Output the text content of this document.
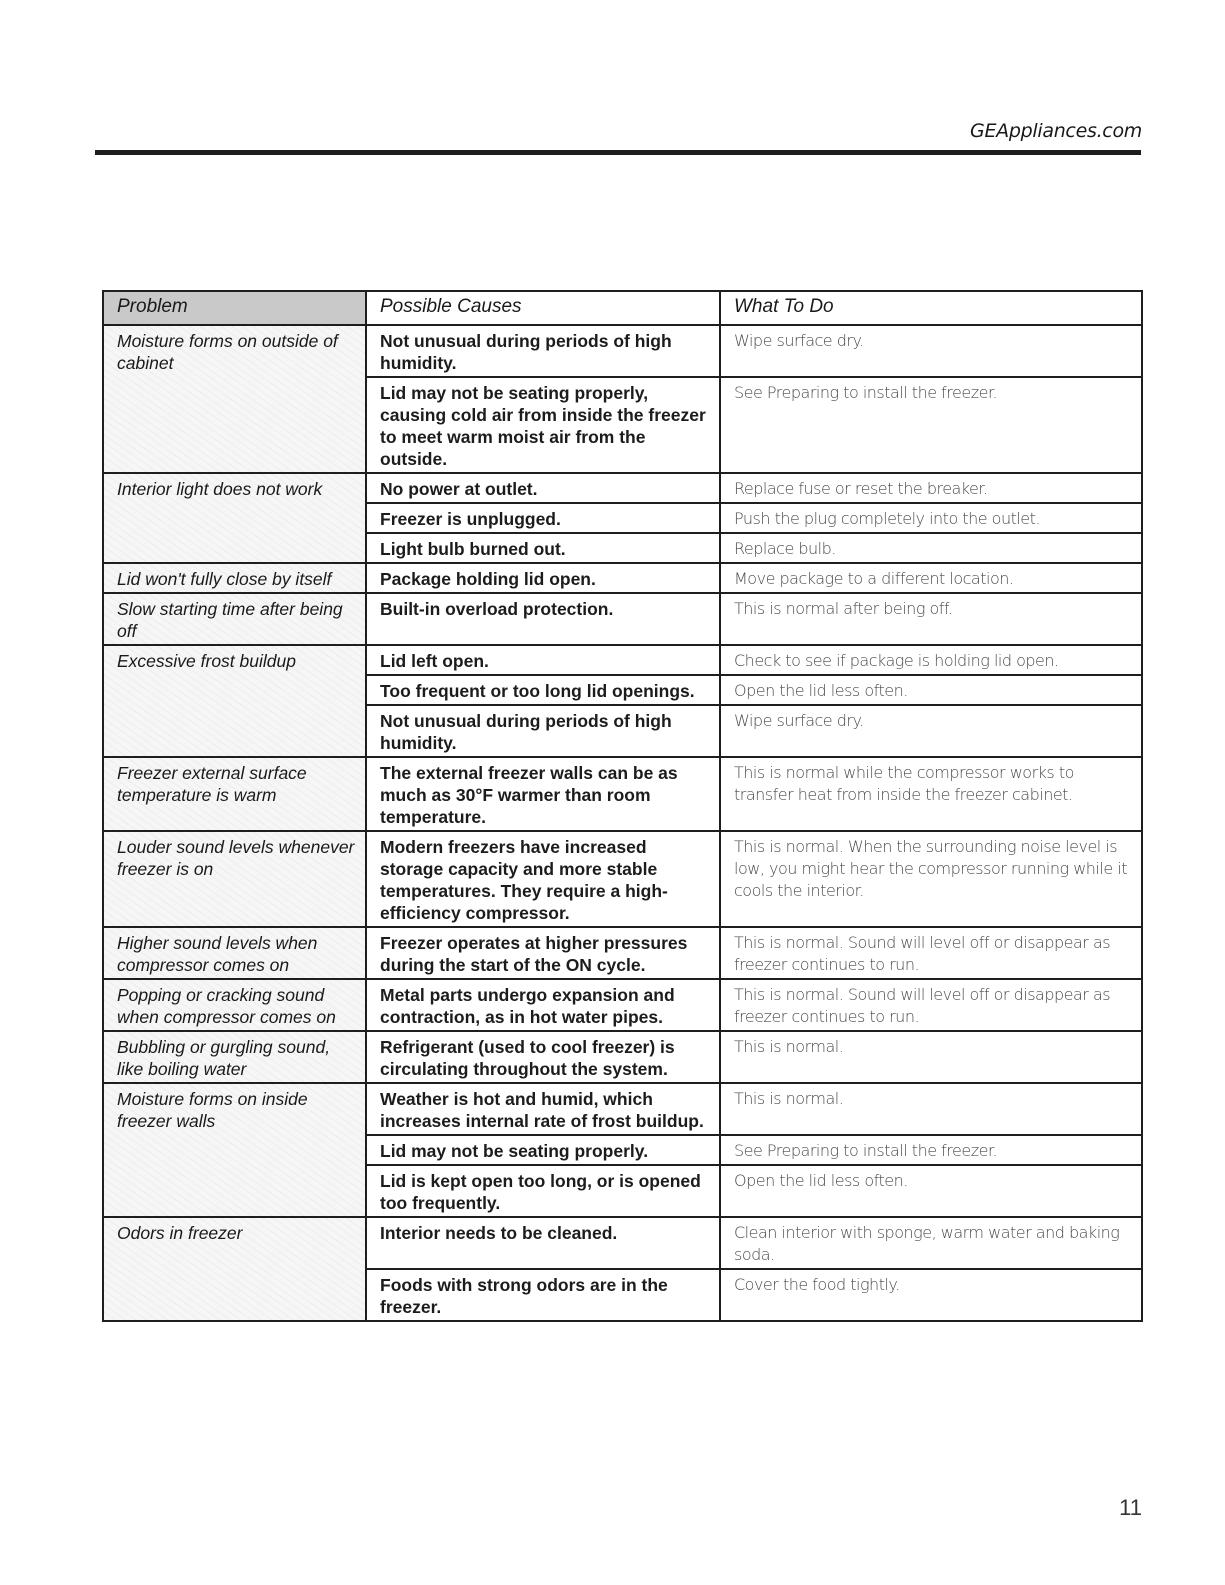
GEAppliances.com
Problem	Possible Causes	What To Do
Moisture forms on outside of cabinet	Not unusual during periods of high humidity.	Wipe surface dry.
	Lid may not be seating properly, causing cold air from inside the freezer to meet warm moist air from the outside.	See Preparing to install the freezer.
Interior light does not work	No power at outlet.	Replace fuse or reset the breaker.
	Freezer is unplugged.	Push the plug completely into the outlet.
	Light bulb burned out.	Replace bulb.
Lid won't fully close by itself	Package holding lid open.	Move package to a different location.
Slow starting time after being off	Built-in overload protection.	This is normal after being off.
Excessive frost buildup	Lid left open.	Check to see if package is holding lid open.
	Too frequent or too long lid openings.	Open the lid less often.
	Not unusual during periods of high humidity.	Wipe surface dry.
Freezer external surface temperature is warm	The external freezer walls can be as much as 30°F warmer than room temperature.	This is normal while the compressor works to transfer heat from inside the freezer cabinet.
Louder sound levels whenever freezer is on	Modern freezers have increased storage capacity and more stable temperatures. They require a high-efficiency compressor.	This is normal. When the surrounding noise level is low, you might hear the compressor running while it cools the interior.
Higher sound levels when compressor comes on	Freezer operates at higher pressures during the start of the ON cycle.	This is normal. Sound will level off or disappear as freezer continues to run.
Popping or cracking sound when compressor comes on	Metal parts undergo expansion and contraction, as in hot water pipes.	This is normal. Sound will level off or disappear as freezer continues to run.
Bubbling or gurgling sound, like boiling water	Refrigerant (used to cool freezer) is circulating throughout the system.	This is normal.
Moisture forms on inside freezer walls	Weather is hot and humid, which increases internal rate of frost buildup.	This is normal.
	Lid may not be seating properly.	See Preparing to install the freezer.
	Lid is kept open too long, or is opened too frequently.	Open the lid less often.
Odors in freezer	Interior needs to be cleaned.	Clean interior with sponge, warm water and baking soda.
	Foods with strong odors are in the freezer.	Cover the food tightly.
11
